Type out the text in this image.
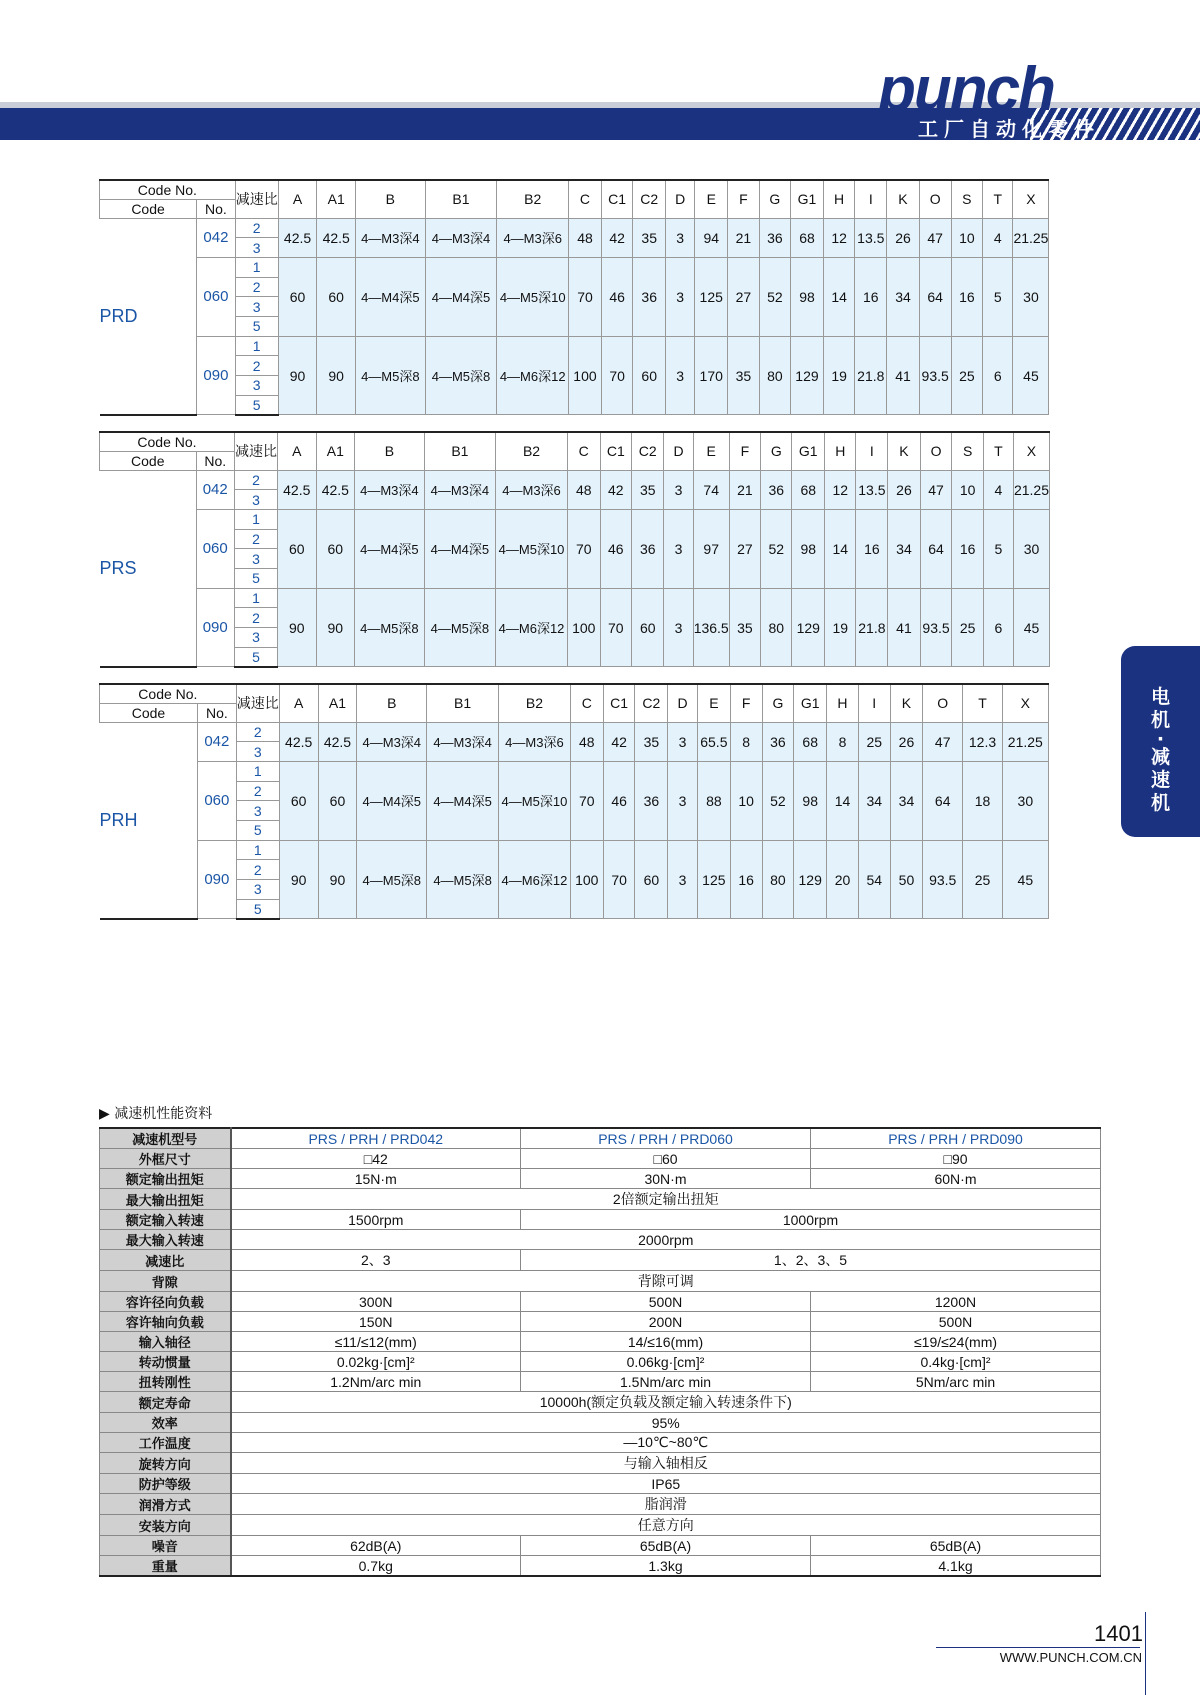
punch
工厂自动化零件
Code No.		减速比	A	A1	B	B1	B2	C	C1	C2	D	E	F	G	G1	H	I	K	O	S	T	X
Code	No.																					
PRD	042	2	42.5	42.5	4—M3深4	4—M3深4	4—M3深6	48	42	35	3	94	21	36	68	12	13.5	26	47	10	4	21.25
		3																				
	060	1	60	60	4—M4深5	4—M4深5	4—M5深10	70	46	36	3	125	27	52	98	14	16	34	64	16	5	30
		2																				
		3																				
		5																				
	090	1	90	90	4—M5深8	4—M5深8	4—M6深12	100	70	60	3	170	35	80	129	19	21.8	41	93.5	25	6	45
		2																				
		3																				
		5																				
Code No.		减速比	A	A1	B	B1	B2	C	C1	C2	D	E	F	G	G1	H	I	K	O	S	T	X
Code	No.																					
PRS	042	2	42.5	42.5	4—M3深4	4—M3深4	4—M3深6	48	42	35	3	74	21	36	68	12	13.5	26	47	10	4	21.25
		3																				
	060	1	60	60	4—M4深5	4—M4深5	4—M5深10	70	46	36	3	97	27	52	98	14	16	34	64	16	5	30
		2																				
		3																				
		5																				
	090	1	90	90	4—M5深8	4—M5深8	4—M6深12	100	70	60	3	136.5	35	80	129	19	21.8	41	93.5	25	6	45
		2																				
		3																				
		5																				
Code No.		减速比	A	A1	B	B1	B2	C	C1	C2	D	E	F	G	G1	H	I	K	O	T	X
Code	No.																				
PRH	042	2	42.5	42.5	4—M3深4	4—M3深4	4—M3深6	48	42	35	3	65.5	8	36	68	8	25	26	47	12.3	21.25
		3																			
	060	1	60	60	4—M4深5	4—M4深5	4—M5深10	70	46	36	3	88	10	52	98	14	34	34	64	18	30
		2																			
		3																			
		5																			
	090	1	90	90	4—M5深8	4—M5深8	4—M6深12	100	70	60	3	125	16	80	129	20	54	50	93.5	25	45
		2																			
		3																			
		5																			
▶ 减速机性能资料
减速机型号	PRS / PRH / PRD042	PRS / PRH / PRD060	PRS / PRH / PRD090
外框尺寸	□42	□60	□90
额定输出扭矩	15N·m	30N·m	60N·m
最大输出扭矩	2倍额定输出扭矩		
额定输入转速	1500rpm	1000rpm	
最大输入转速	2000rpm		
减速比	2、3	1、2、3、5	
背隙	背隙可调		
容许径向负载	300N	500N	1200N
容许轴向负载	150N	200N	500N
输入轴径	≤11/≤12(mm)	14/≤16(mm)	≤19/≤24(mm)
转动惯量	0.02kg·[cm]²	0.06kg·[cm]²	0.4kg·[cm]²
扭转刚性	1.2Nm/arc min	1.5Nm/arc min	5Nm/arc min
额定寿命	10000h(额定负载及额定输入转速条件下)		
效率	95%		
工作温度	—10℃~80℃		
旋转方向	与输入轴相反		
防护等级	IP65		
润滑方式	脂润滑		
安装方向	任意方向		
噪音	62dB(A)	65dB(A)	65dB(A)
重量	0.7kg	1.3kg	4.1kg
电
机
·
减
速
机
1401
WWW.PUNCH.COM.CN
